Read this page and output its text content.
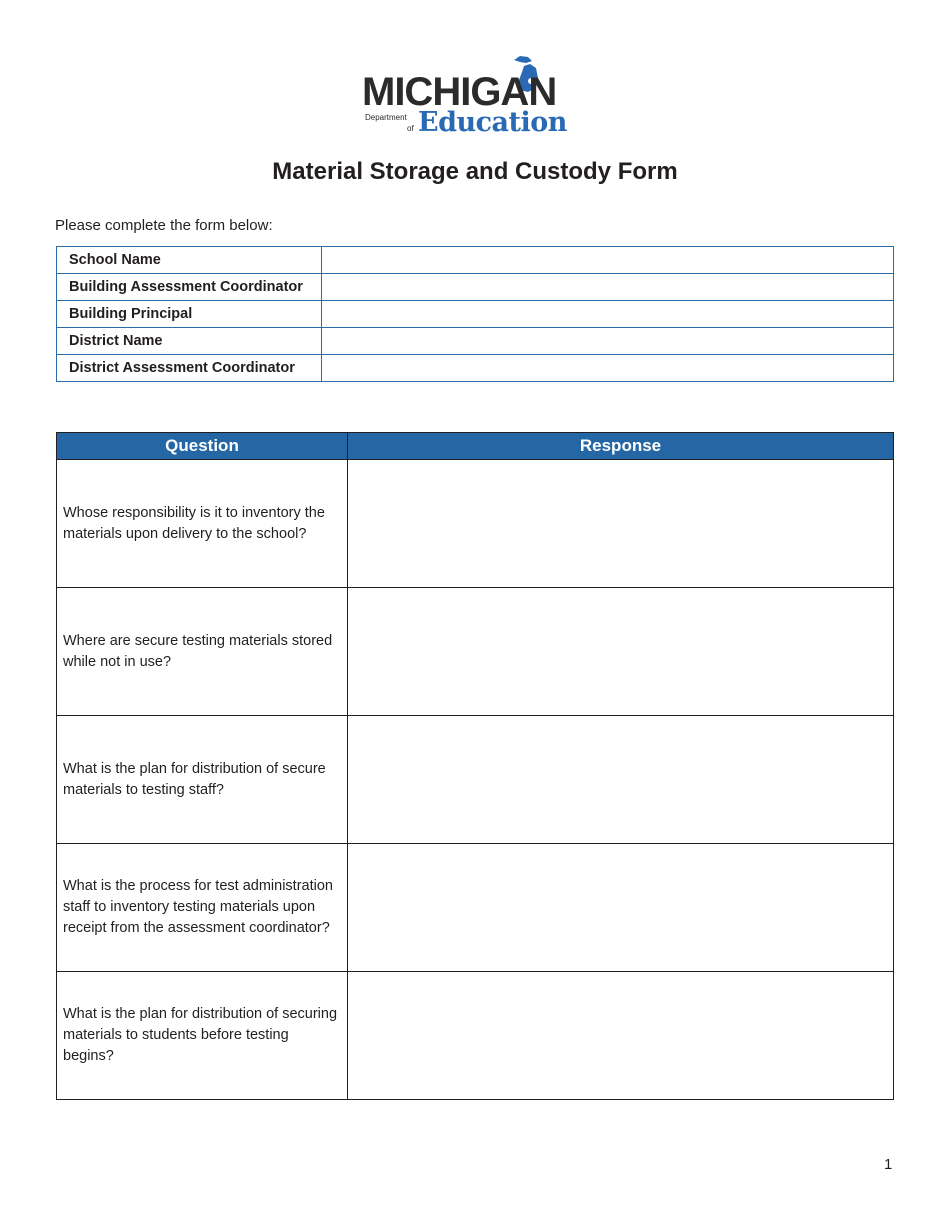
MICHIGAN
Department
of Education
Material Storage and Custody Form
Please complete the form below:
School Name	
Building Assessment Coordinator	
Building Principal	
District Name	
District Assessment Coordinator	
Question	Response
Whose responsibility is it to inventory the materials upon delivery to the school?	
Where are secure testing materials stored while not in use?	
What is the plan for distribution of secure materials to testing staff?	
What is the process for test administration staff to inventory testing materials upon receipt from the assessment coordinator?	
What is the plan for distribution of securing materials to students before testing begins?	
1
